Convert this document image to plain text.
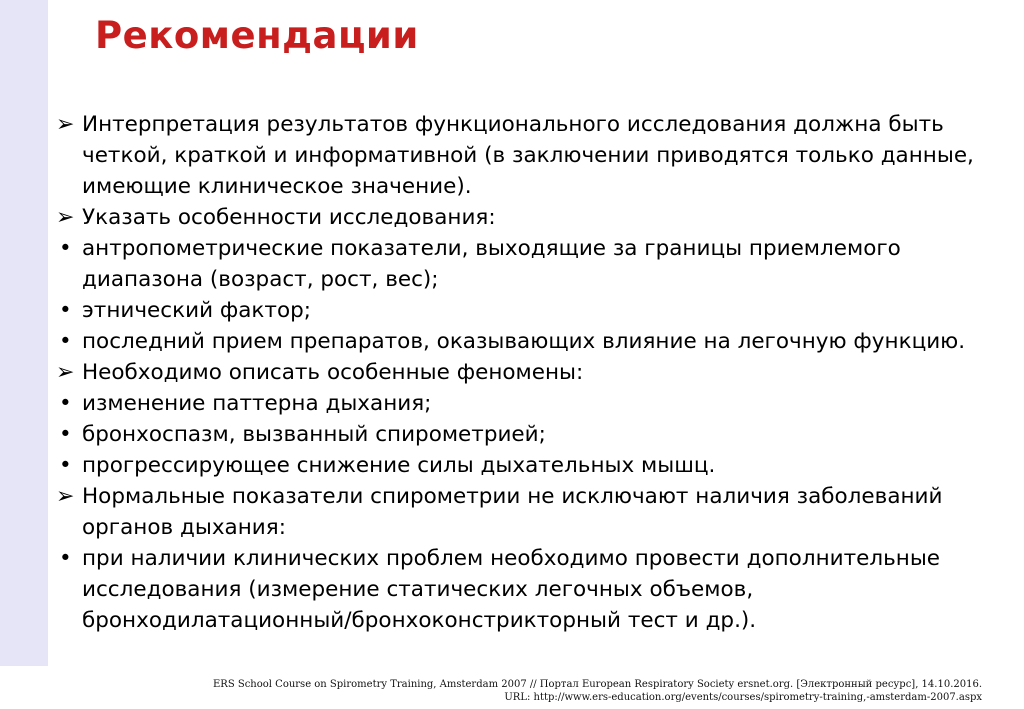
Рекомендации
➢ Интерпретация результатов функционального исследования должна быть четкой, краткой и информативной (в заключении приводятся только данные, имеющие клиническое значение).
➢ Указать особенности исследования:
• антропометрические показатели, выходящие за границы приемлемого диапазона (возраст, рост, вес);
• этнический фактор;
• последний прием препаратов, оказывающих влияние на легочную функцию.
➢ Необходимо описать особенные феномены:
• изменение паттерна дыхания;
• бронхоспазм, вызванный спирометрией;
• прогрессирующее снижение силы дыхательных мышц.
➢ Нормальные показатели спирометрии не исключают наличия заболеваний органов дыхания:
• при наличии клинических проблем необходимо провести дополнительные исследования (измерение статических легочных объемов, бронходилатационный/бронхоконстрикторный тест и др.).
ERS School Course on Spirometry Training, Amsterdam 2007 // Портал European Respiratory Society ersnet.org. [Электронный ресурс], 14.10.2016.
URL: http://www.ers-education.org/events/courses/spirometry-training,-amsterdam-2007.aspx
